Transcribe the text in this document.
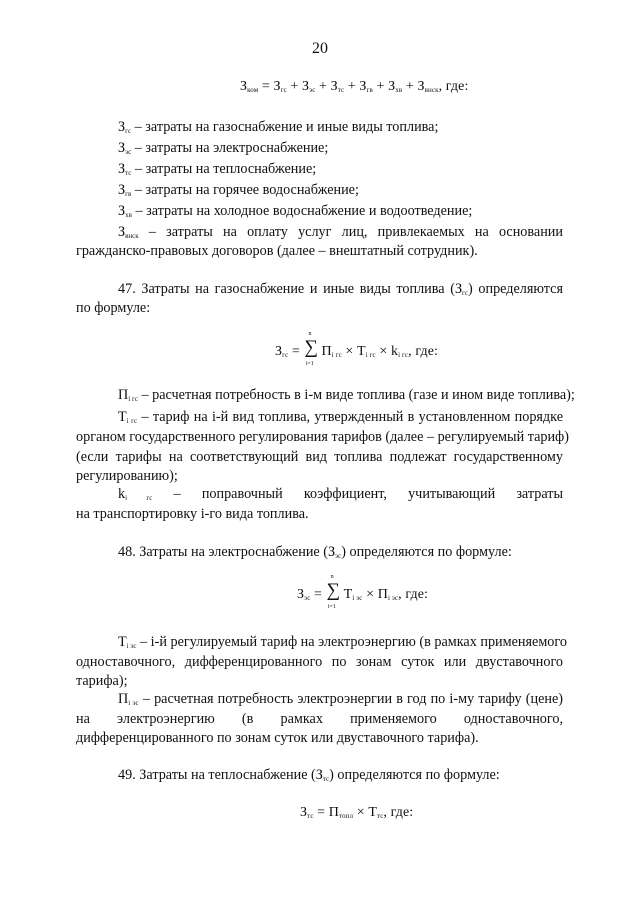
20
$З_{ком} = З_{гс} + З_{эс} + З_{тс} + З_{гв} + З_{хв} + З_{внск}$, где:
$З_{гс}$ – затраты на газоснабжение и иные виды топлива;
$З_{эс}$ – затраты на электроснабжение;
$З_{тс}$ – затраты на теплоснабжение;
$З_{гв}$ – затраты на горячее водоснабжение;
$З_{хв}$ – затраты на холодное водоснабжение и водоотведение;
$З_{внск}$ – затраты на оплату услуг лиц, привлекаемых на основании
гражданско-правовых договоров (далее – внештатный сотрудник).
47. Затраты на газоснабжение и иные виды топлива $(З_{гс})$ определяются
по формуле:
$З_{гс}$ =
n
∑
i=1
$П_{i гс} \times Т_{i гс} \times k_{i гс}$, где:
$П_{i гс}$ – расчетная потребность в i-м виде топлива (газе и ином виде топлива);
$Т_{i гс}$ – тариф на i-й вид топлива, утвержденный в установленном порядке
органом государственного регулирования тарифов (далее – регулируемый тариф)
(если тарифы на соответствующий вид топлива подлежат государственному
регулированию);
$k_{i гс}$ – поправочный коэффициент, учитывающий затраты
на транспортировку i-го вида топлива.
48. Затраты на электроснабжение $(З_{эс})$ определяются по формуле:
$З_{эс}$ =
n
∑
i=1
$Т_{i эс} \times П_{i эс}$, где:
$Т_{i эс} - i-й$ регулируемый тариф на электроэнергию (в рамках применяемого
одноставочного, дифференцированного по зонам суток или двуставочного
тарифа);
$П_{i эс}$ – расчетная потребность электроэнергии в год по i-му тарифу (цене)
на электроэнергию (в рамках применяемого одноставочного,
дифференцированного по зонам суток или двуставочного тарифа).
49. Затраты на теплоснабжение $(З_{тс})$ определяются по формуле:
$З_{тс} = П_{топл} \times Т_{тс}$, где:
